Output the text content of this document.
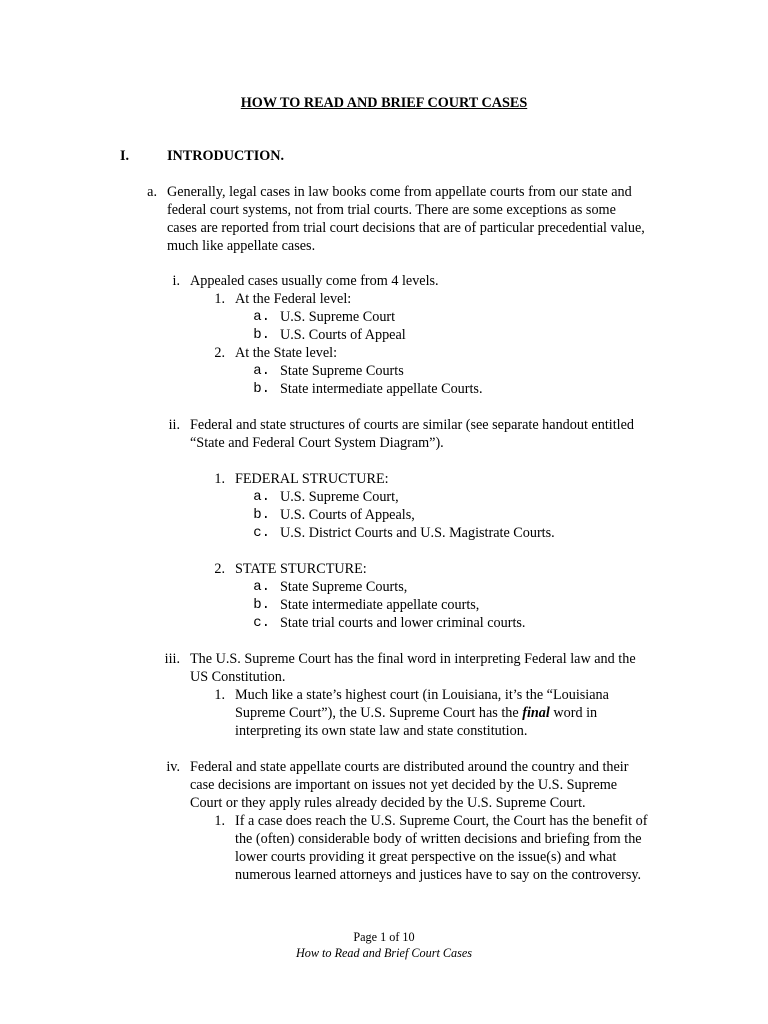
HOW TO READ AND BRIEF COURT CASES
I.	INTRODUCTION.
a. Generally, legal cases in law books come from appellate courts from our state and

federal court systems, not from trial courts. There are some exceptions as some

cases are reported from trial court decisions that are of particular precedential value,

much like appellate cases.

i. Appealed cases usually come from 4 levels.
1. At the Federal level:
a. U.S. Supreme Court
b. U.S. Courts of Appeal
2. At the State level:
a. State Supreme Courts
b. State intermediate appellate Courts.
ii. Federal and state structures of courts are similar (see separate handout entitled

“State and Federal Court System Diagram”).

1. FEDERAL STRUCTURE:
a. U.S. Supreme Court,
b. U.S. Courts of Appeals,
c. U.S. District Courts and U.S. Magistrate Courts.
2. STATE STURCTURE:
a. State Supreme Courts,
b. State intermediate appellate courts,
c. State trial courts and lower criminal courts.
iii. The U.S. Supreme Court has the final word in interpreting Federal law and the

US Constitution.

1. Much like a state’s highest court (in Louisiana, it’s the “Louisiana

Supreme Court”), the U.S. Supreme Court has the final word in

interpreting its own state law and state constitution.

iv. Federal and state appellate courts are distributed around the country and their

case decisions are important on issues not yet decided by the U.S. Supreme

Court or they apply rules already decided by the U.S. Supreme Court.

1. If a case does reach the U.S. Supreme Court, the Court has the benefit of

the (often) considerable body of written decisions and briefing from the

lower courts providing it great perspective on the issue(s) and what

numerous learned attorneys and justices have to say on the controversy.

Page 1 of 10
How to Read and Brief Court Cases
